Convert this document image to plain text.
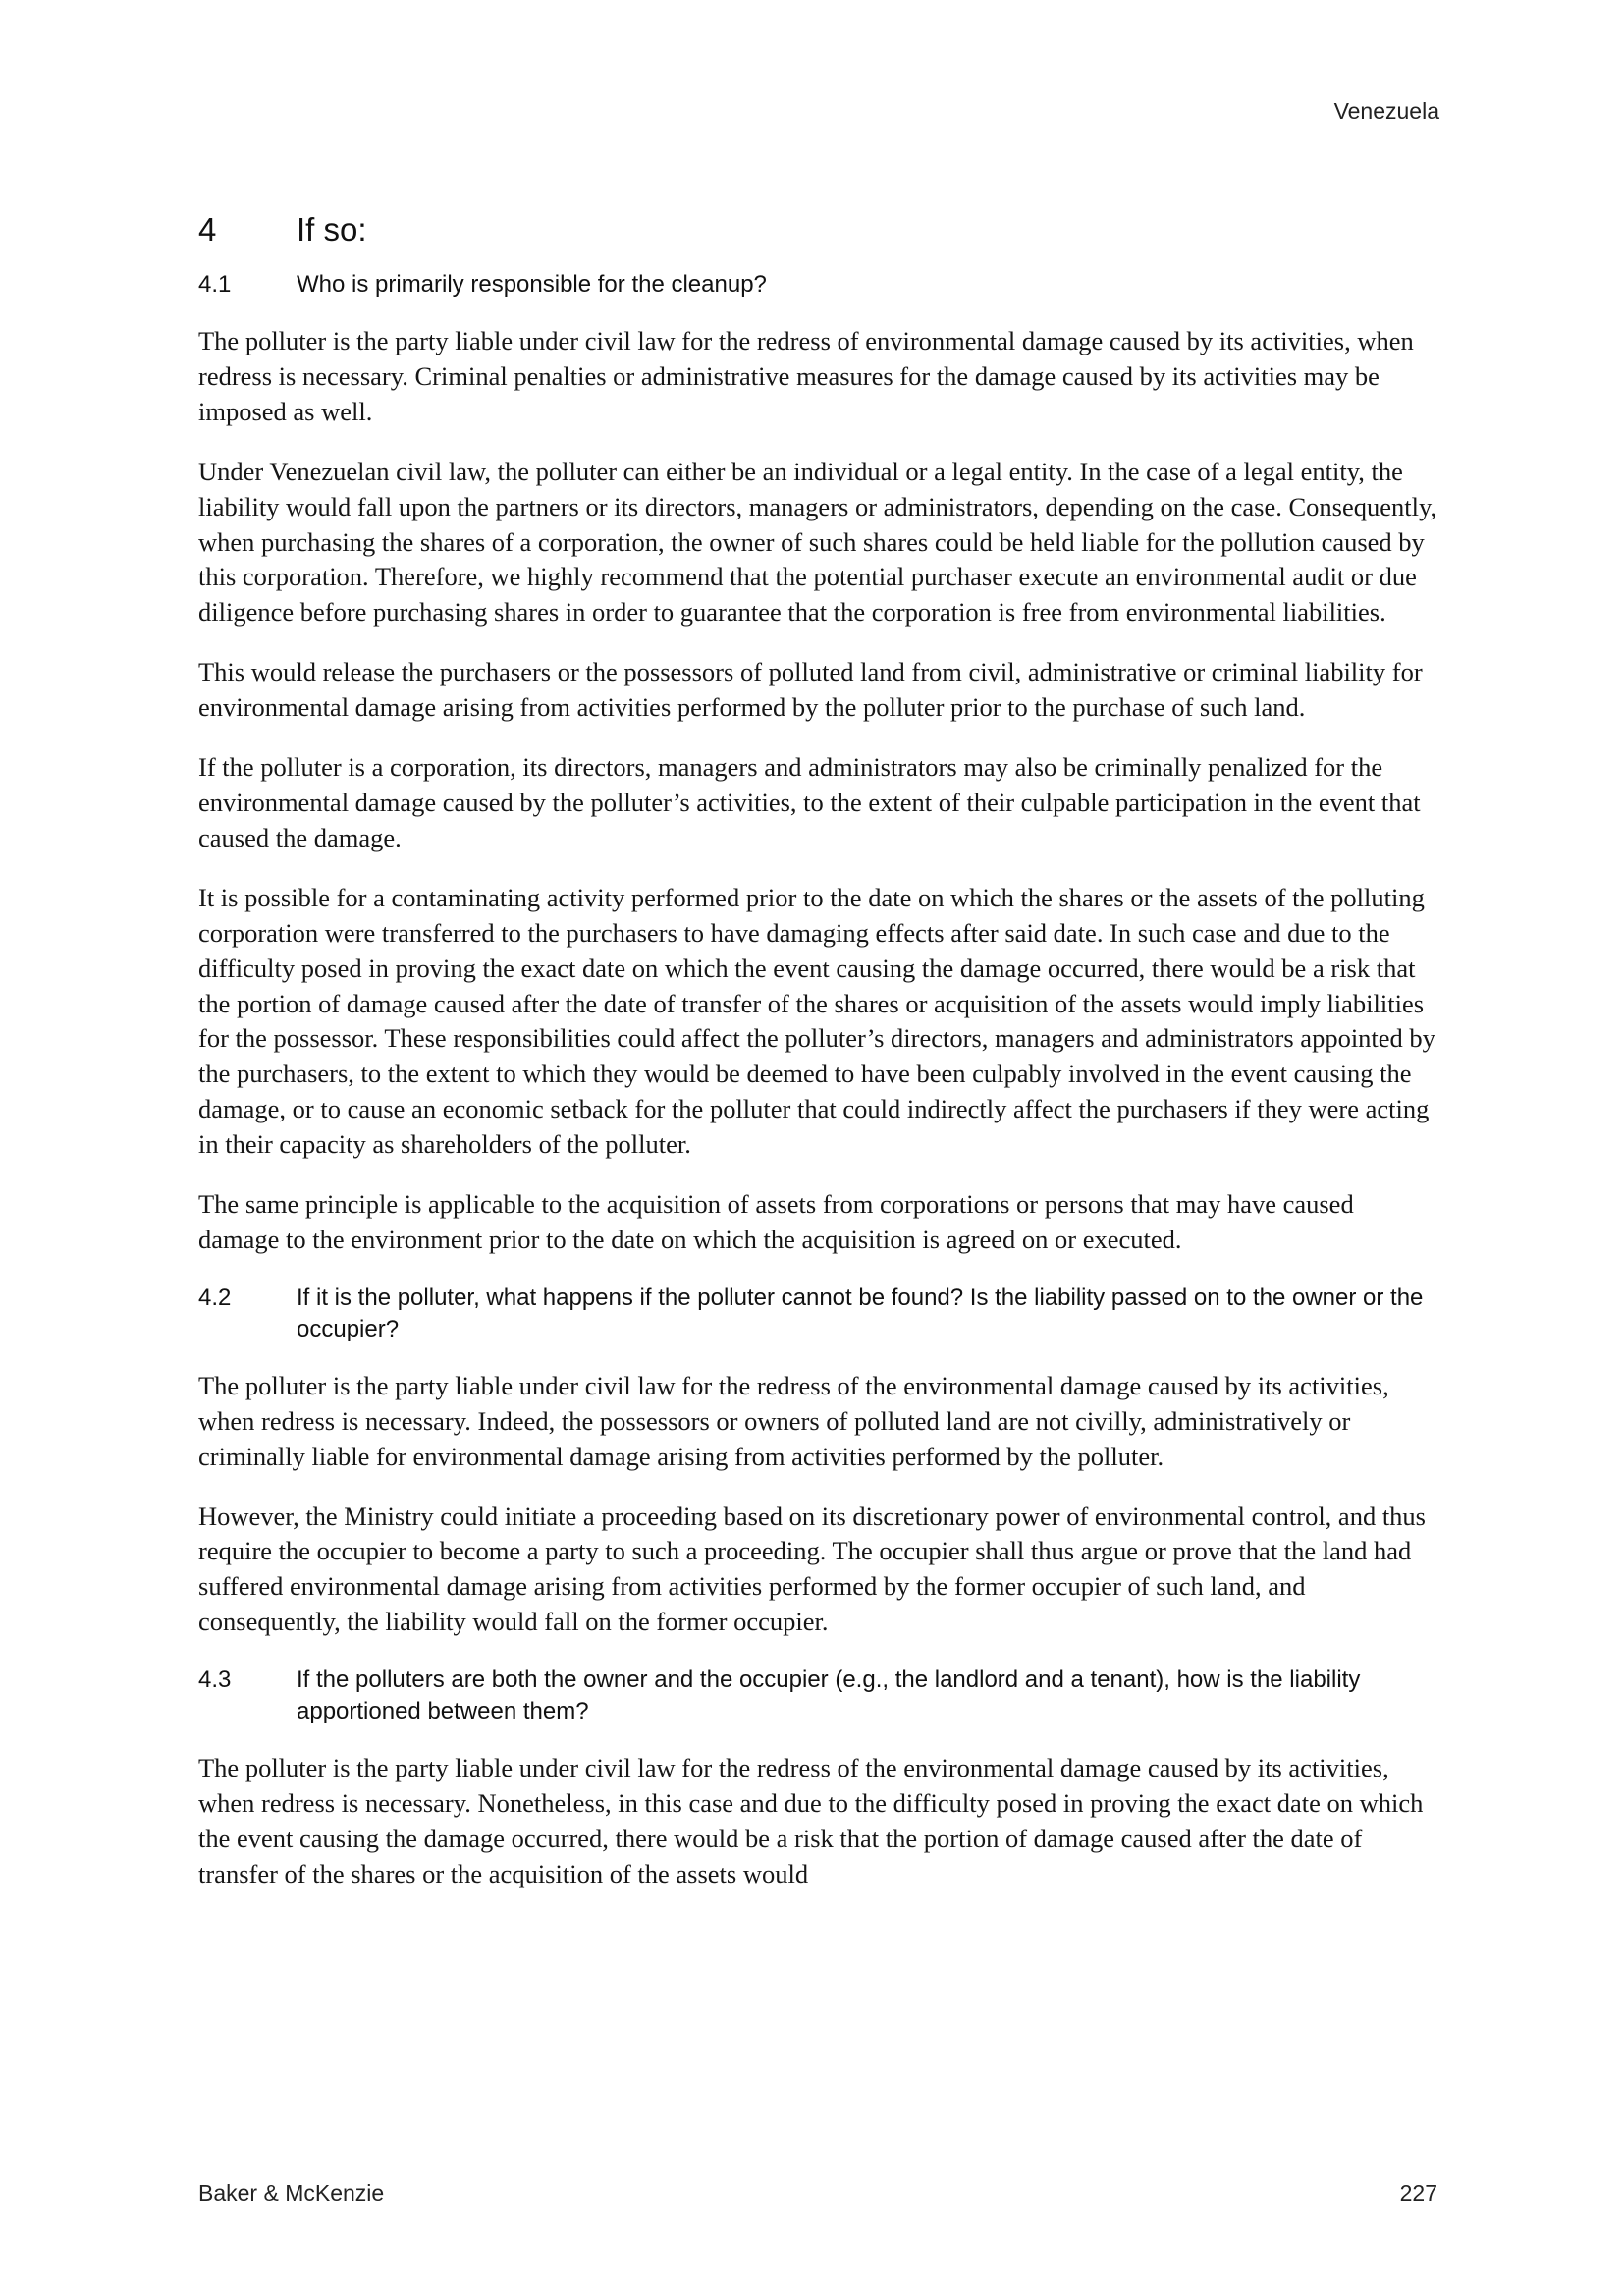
Venezuela
4	If so:
4.1	Who is primarily responsible for the cleanup?

The polluter is the party liable under civil law for the redress of environmental damage caused by its activities, when redress is necessary. Criminal penalties or administrative measures for the damage caused by its activities may be imposed as well.

Under Venezuelan civil law, the polluter can either be an individual or a legal entity. In the case of a legal entity, the liability would fall upon the partners or its directors, managers or administrators, depending on the case. Consequently, when purchasing the shares of a corporation, the owner of such shares could be held liable for the pollution caused by this corporation. Therefore, we highly recommend that the potential purchaser execute an environmental audit or due diligence before purchasing shares in order to guarantee that the corporation is free from environmental liabilities.

This would release the purchasers or the possessors of polluted land from civil, administrative or criminal liability for environmental damage arising from activities performed by the polluter prior to the purchase of such land.

If the polluter is a corporation, its directors, managers and administrators may also be criminally penalized for the environmental damage caused by the polluter’s activities, to the extent of their culpable participation in the event that caused the damage.

It is possible for a contaminating activity performed prior to the date on which the shares or the assets of the polluting corporation were transferred to the purchasers to have damaging effects after said date. In such case and due to the difficulty posed in proving the exact date on which the event causing the damage occurred, there would be a risk that the portion of damage caused after the date of transfer of the shares or acquisition of the assets would imply liabilities for the possessor. These responsibilities could affect the polluter’s directors, managers and administrators appointed by the purchasers, to the extent to which they would be deemed to have been culpably involved in the event causing the damage, or to cause an economic setback for the polluter that could indirectly affect the purchasers if they were acting in their capacity as shareholders of the polluter.

The same principle is applicable to the acquisition of assets from corporations or persons that may have caused damage to the environment prior to the date on which the acquisition is agreed on or executed.

4.2	If it is the polluter, what happens if the polluter cannot be found? Is the liability passed on to the owner or the occupier?

The polluter is the party liable under civil law for the redress of the environmental damage caused by its activities, when redress is necessary. Indeed, the possessors or owners of polluted land are not civilly, administratively or criminally liable for environmental damage arising from activities performed by the polluter.

However, the Ministry could initiate a proceeding based on its discretionary power of environmental control, and thus require the occupier to become a party to such a proceeding. The occupier shall thus argue or prove that the land had suffered environmental damage arising from activities performed by the former occupier of such land, and consequently, the liability would fall on the former occupier.

4.3	If the polluters are both the owner and the occupier (e.g., the landlord and a tenant), how is the liability apportioned between them?

The polluter is the party liable under civil law for the redress of the environmental damage caused by its activities, when redress is necessary. Nonetheless, in this case and due to the difficulty posed in proving the exact date on which the event causing the damage occurred, there would be a risk that the portion of damage caused after the date of transfer of the shares or the acquisition of the assets would

Baker & McKenzie	227
